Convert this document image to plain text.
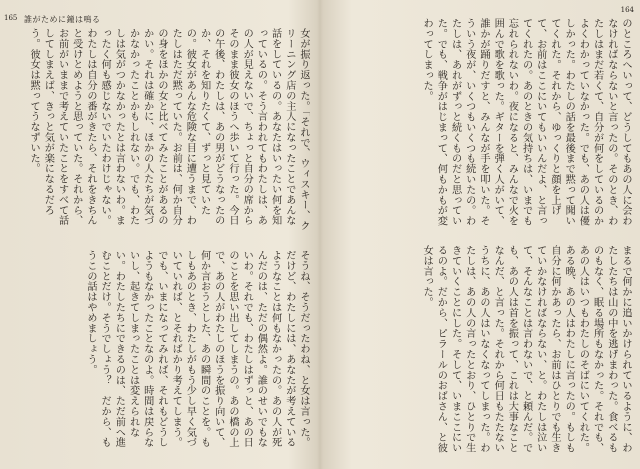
165 誰がために鐘は鳴る

女が振り返った。「それで、ウィスキー、クリーニング店の主人になったことであんな話をしているの。あなたはいったい何を知っているの。そう言われてもわたしは、あの人が見えないで、ちょっと自分の席からそのまま彼女のほうへ歩いて行った。今日の午後、わたしは、あの男がどうなったのか、それを知りたくて、ずっと見ていたの。彼女があんな危険な目に遭うまで、わたしはただ黙っていた。お前は、何か自分の身をほかの女と比べてみたことがあるのかい。それは確かに、ほかの人たちが気づかなかったことかもしれない。でも、わたしは気がつかなかったとは言わないわ。まったく何も感じないでいたわけじゃない。わたしは自分の番がきたら、それをきちんと受けとめようと思っていた。それから、お前がいままで考えていたことをすべて話してしまえば、きっと気が楽になるだろう。彼女は黙ってうなずいた。

そうね、そうだったわね、と女は言った。だけど、わたしには、あなたが考えているようなことは何もなかったの。あの人が死んだのは、ただの偶然よ。誰のせいでもないわ。それでも、わたしはずっと、あの日のことを思い出してしまうの。あの橋の上で、あの人がわたしのほうを振り向いて、何か言おうとした、あの瞬間のことを。もしもあのとき、わたしがもう少し早く気づいていれば、とそればかり考えてしまう。でも、いまになってみれば、それもどうしようもなかったことなのよ。時間は戻らないし、起きてしまったことは変えられない。わたしたちにできるのは、ただ前へ進むことだけ。そうでしょう？　だから、もうこの話はやめましょう。

164

のところへいって、どうしてもあの人に会わなければならないと言ったの。そのとき、わたしはまだ若くて、自分が何をしているのかよくわかっていなかった。でも、あの人は優しかった。わたしの話を最後まで黙って聞いてくれた。それから、ゆっくりと顔を上げて、お前はここにいてもいいんだよ、と言ってくれたの。あのときの気持ちは、いまでも忘れられないわ。夜になると、みんなで火を囲んで歌を歌った。ギターを弾く人がいて、誰かが踊りだすと、みんなが手を叩いた。そういう夜が、いくつもいくつも続いたの。わたしは、あれがずっと続くものだと思っていた。でも、戦争がはじまって、何もかもが変わってしまった。

まるで何かに追いかけられているように、わたしたちは山の中を逃げまわった。食べるものもなく、眠る場所もなかった。それでも、あの人はいつもわたしのそばにいてくれた。ある晩、あの人はわたしに言ったの。もしも自分に何かあったら、お前はひとりでも生きていかなければならない、と。わたしは泣いて、そんなことは言わないで、と頼んだ。でも、あの人は首を振って、これは大事なことなんだ、と言った。それから何日もたたないうちに、あの人はいなくなってしまった。わたしは、あの人の言ったとおり、ひとりで生きていくことにした。そして、いまここにいるのよ。だから、ピラールのおばさん、と彼女は言った。
